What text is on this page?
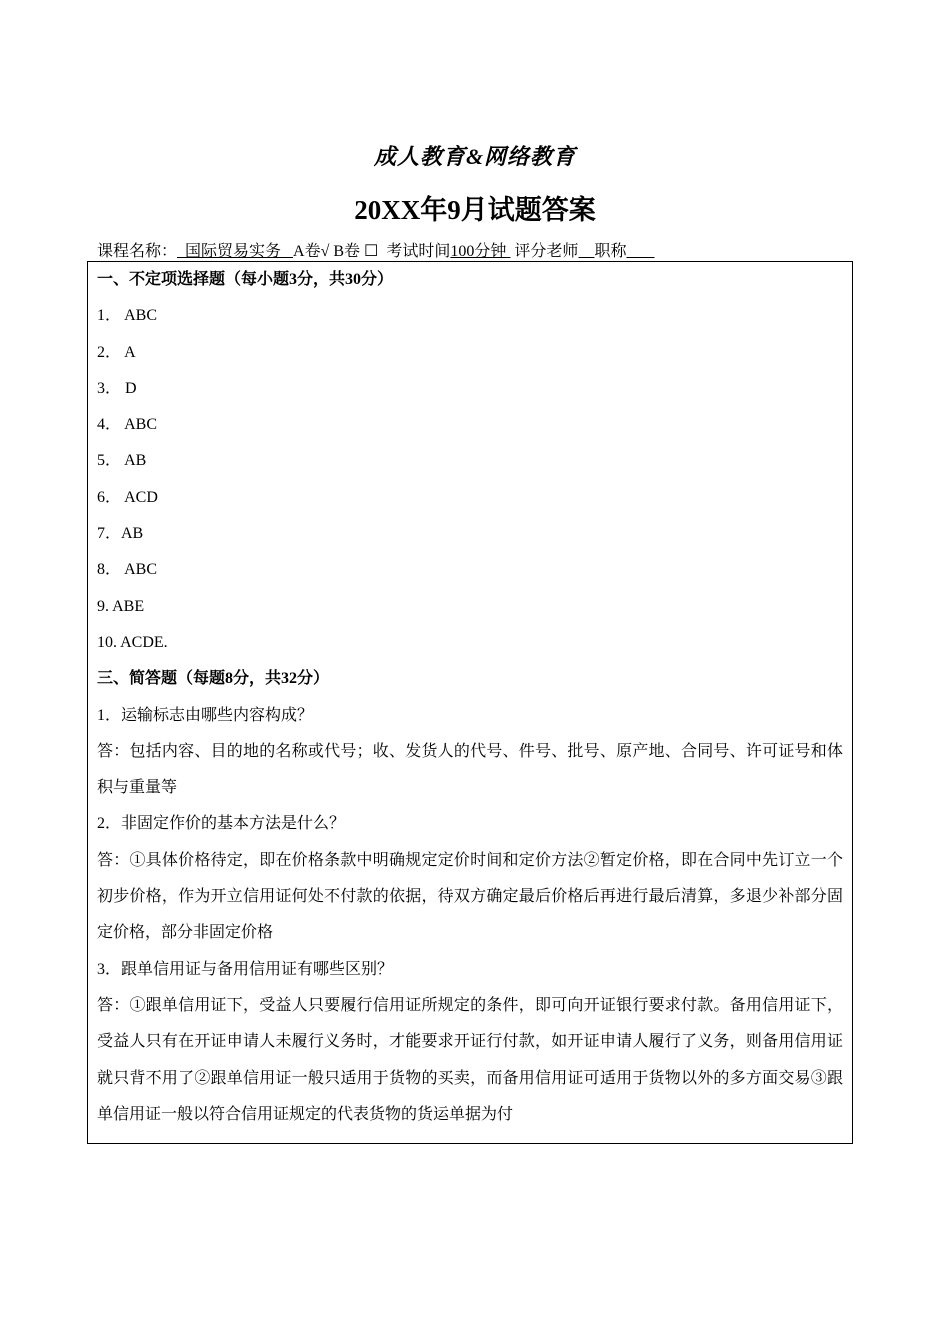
成人教育&网络教育
20XX年9月试题答案
课程名称： 国际贸易实务 A卷√ B卷 ☐ 考试时间100分钟 评分老师 职称
一、不定项选择题（每小题3分，共30分）
1． ABC
2． A
3． D
4． ABC
5． AB
6． ACD
7．AB
8． ABC
9. ABE
10. ACDE.
三、简答题（每题8分，共32分）
1．运输标志由哪些内容构成？
答：包括内容、目的地的名称或代号；收、发货人的代号、件号、批号、原产地、合同号、许可证号和体积与重量等
2．非固定作价的基本方法是什么？
答：①具体价格待定，即在价格条款中明确规定定价时间和定价方法②暂定价格，即在合同中先订立一个初步价格，作为开立信用证何处不付款的依据，待双方确定最后价格后再进行最后清算，多退少补部分固定价格，部分非固定价格
3．跟单信用证与备用信用证有哪些区别？
答：①跟单信用证下，受益人只要履行信用证所规定的条件，即可向开证银行要求付款。备用信用证下，受益人只有在开证申请人未履行义务时，才能要求开证行付款，如开证申请人履行了义务，则备用信用证就只背不用了②跟单信用证一般只适用于货物的买卖，而备用信用证可适用于货物以外的多方面交易③跟单信用证一般以符合信用证规定的代表货物的货运单据为付
